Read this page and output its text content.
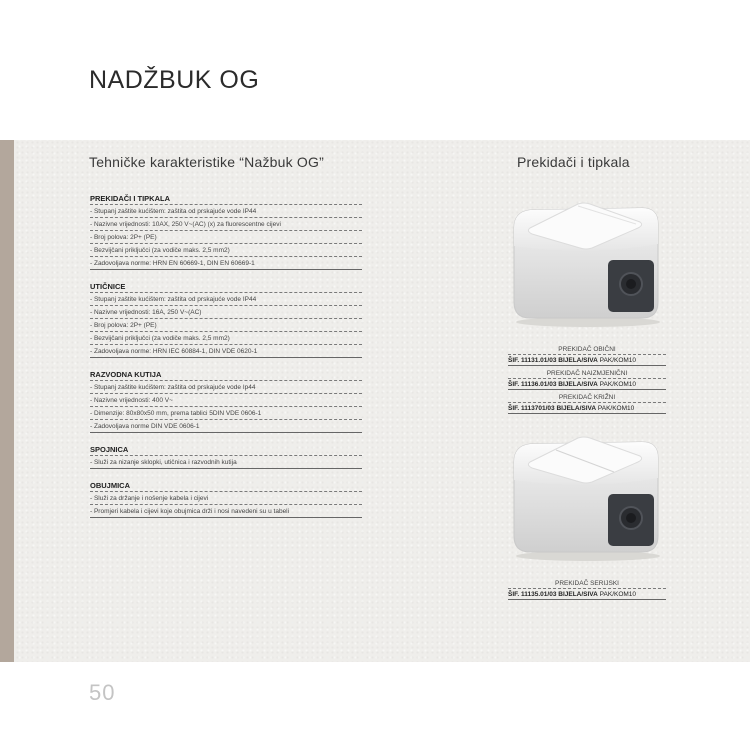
NADŽBUK OG
Tehničke karakteristike “Nažbuk OG”	Prekidači i tipkala
PREKIDAČI I TIPKALA
- Stupanj zaštite kućištem: zaštita od prskajuće vode IP44
- Nazivne vrijednosti: 10AX, 250 V~(AC) (x) za fluorescentne cijevi
- Broj polova: 2P+ (PE)
- Bezvijčani priključci (za vodiče maks. 2,5 mm2)
- Zadovoljava norme: HRN EN 60669-1, DIN EN 60669-1
UTIČNICE
- Stupanj zaštite kućištem: zaštita od prskajuće vode IP44
- Nazivne vrijednosti: 16A, 250 V~(AC)
- Broj polova: 2P+ (PE)
- Bezvijčani priključci (za vodiče maks. 2,5 mm2)
- Zadovoljava norme: HRN IEC 60884-1, DIN VDE 0620-1
RAZVODNA KUTIJA
- Stupanj zaštite kućištem: zaštita od prskajuće vode Ip44
- Nazivne vrijednosti: 400 V~
- Dimenzije: 80x80x50 mm, prema tablici 5DIN VDE 0606-1
- Zadovoljava norme DIN VDE 0606-1
SPOJNICA
- Služi za nizanje sklopki, utičnica i razvodnih kutija
OBUJMICA
- Služi za držanje i nošenje kabela i cijevi
- Promjeri kabela i cijevi koje obujmica drži i nosi navedeni su u tabeli
PREKIDAČ OBIČNI
ŠIF. 11131.01/03 BIJELA/SIVA PAK/KOM10
PREKIDAČ NAIZMJENIČNI
ŠIF. 11136.01/03 BIJELA/SIVA PAK/KOM10
PREKIDAČ KRIŽNI
ŠIF. 1113701/03 BIJELA/SIVA PAK/KOM10
PREKIDAČ SERIJSKI
ŠIF. 11135.01/03 BIJELA/SIVA PAK/KOM10
50
